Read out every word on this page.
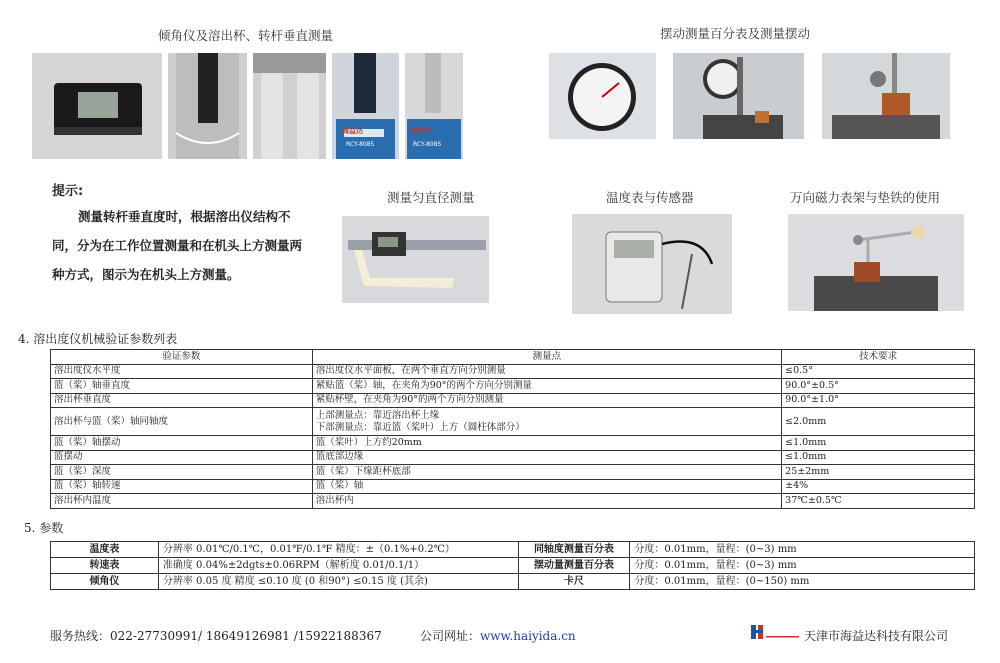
倾角仪及溶出杯、转杆垂直测量	摆动测量百分表及测量摆动
测量匀直径测量	温度表与传感器	万向磁力表架与垫铁的使用
海益达
RCY-8085
海益达
RCY-8085
提示:
测量转杆垂直度时，根据溶出仪结构不同，分为在工作位置测量和在机头上方测量两种方式，图示为在机头上方测量。
4. 溶出度仪机械验证参数列表
验证参数	测量点	技术要求
溶出度仪水平度	溶出度仪水平面板，在两个垂直方向分别测量	≤0.5°
篮（桨）轴垂直度	紧贴篮（桨）轴，在夹角为90°的两个方向分别测量	90.0°±0.5°
溶出杯垂直度	紧贴杯壁，在夹角为90°的两个方向分别测量	90.0°±1.0°
溶出杯与篮（桨）轴同轴度	上部测量点：靠近溶出杯上缘
下部测量点：靠近篮（桨叶）上方（圆柱体部分）	≤2.0mm
篮（桨）轴摆动	篮（桨叶）上方约20mm	≤1.0mm
篮摆动	篮底部边缘	≤1.0mm
篮（桨）深度	篮（桨）下缘距杯底部	25±2mm
篮（桨）轴转速	篮（桨）轴	±4%
溶出杯内温度	溶出杯内	37℃±0.5℃
5. 参数
温度表	分辨率 0.01℃/0.1℃，0.01℉/0.1℉ 精度：±（0.1%+0.2℃）	同轴度测量百分表	分度：0.01mm，量程：(0~3) mm
转速表	准确度 0.04%±2dgts±0.06RPM（解析度 0.01/0.1/1）	摆动量测量百分表	分度：0.01mm，量程：(0~3) mm
倾角仪	分辨率 0.05 度 精度 ≤0.10 度 (0 和90°) ≤0.15 度 (其余)	卡尺	分度：0.01mm，量程：(0~150) mm
服务热线：022-27730991/ 18649126981 /15922188367	公司网址：www.haiyida.cn	天津市海益达科技有限公司
